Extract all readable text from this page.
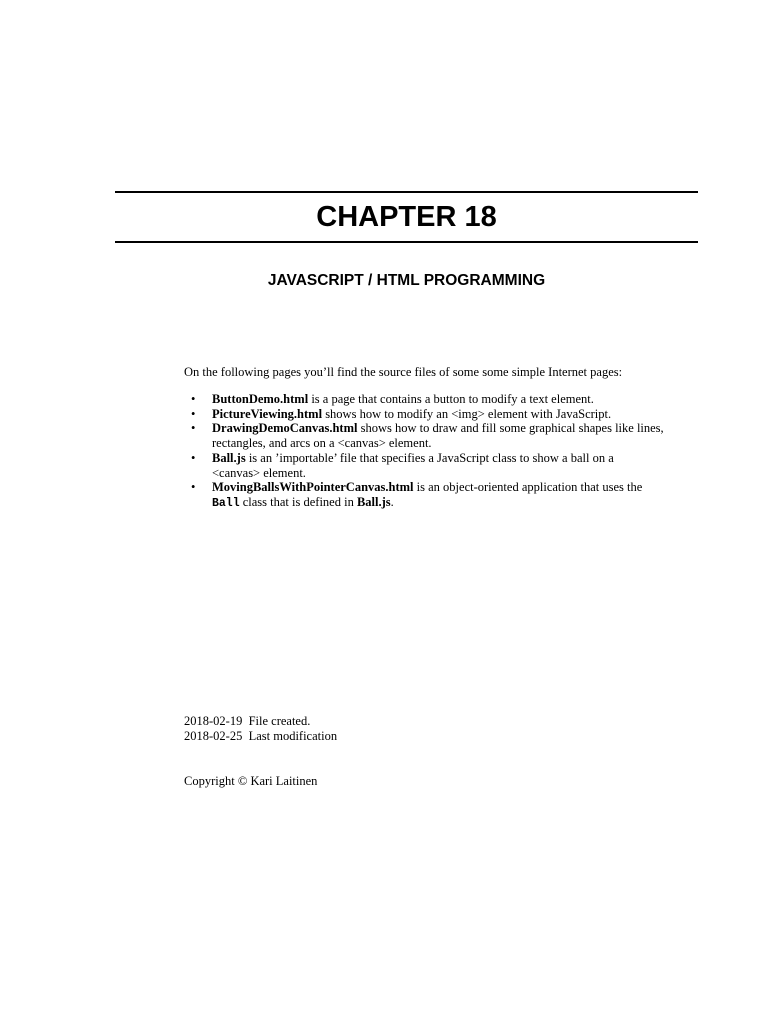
CHAPTER 18
JAVASCRIPT / HTML PROGRAMMING

On the following pages you’ll find the source files of some some simple Internet pages:

• ButtonDemo.html is a page that contains a button to modify a text element.
• PictureViewing.html shows how to modify an <img> element with JavaScript.
• DrawingDemoCanvas.html shows how to draw and fill some graphical shapes like lines, rectangles, and arcs on a <canvas> element.
• Ball.js is an ’importable’ file that specifies a JavaScript class to show a ball on a <canvas> element.
• MovingBallsWithPointerCanvas.html is an object-oriented application that uses the Ball class that is defined in Ball.js.
2018-02-19 File created.
2018-02-25 Last modification

Copyright © Kari Laitinen
